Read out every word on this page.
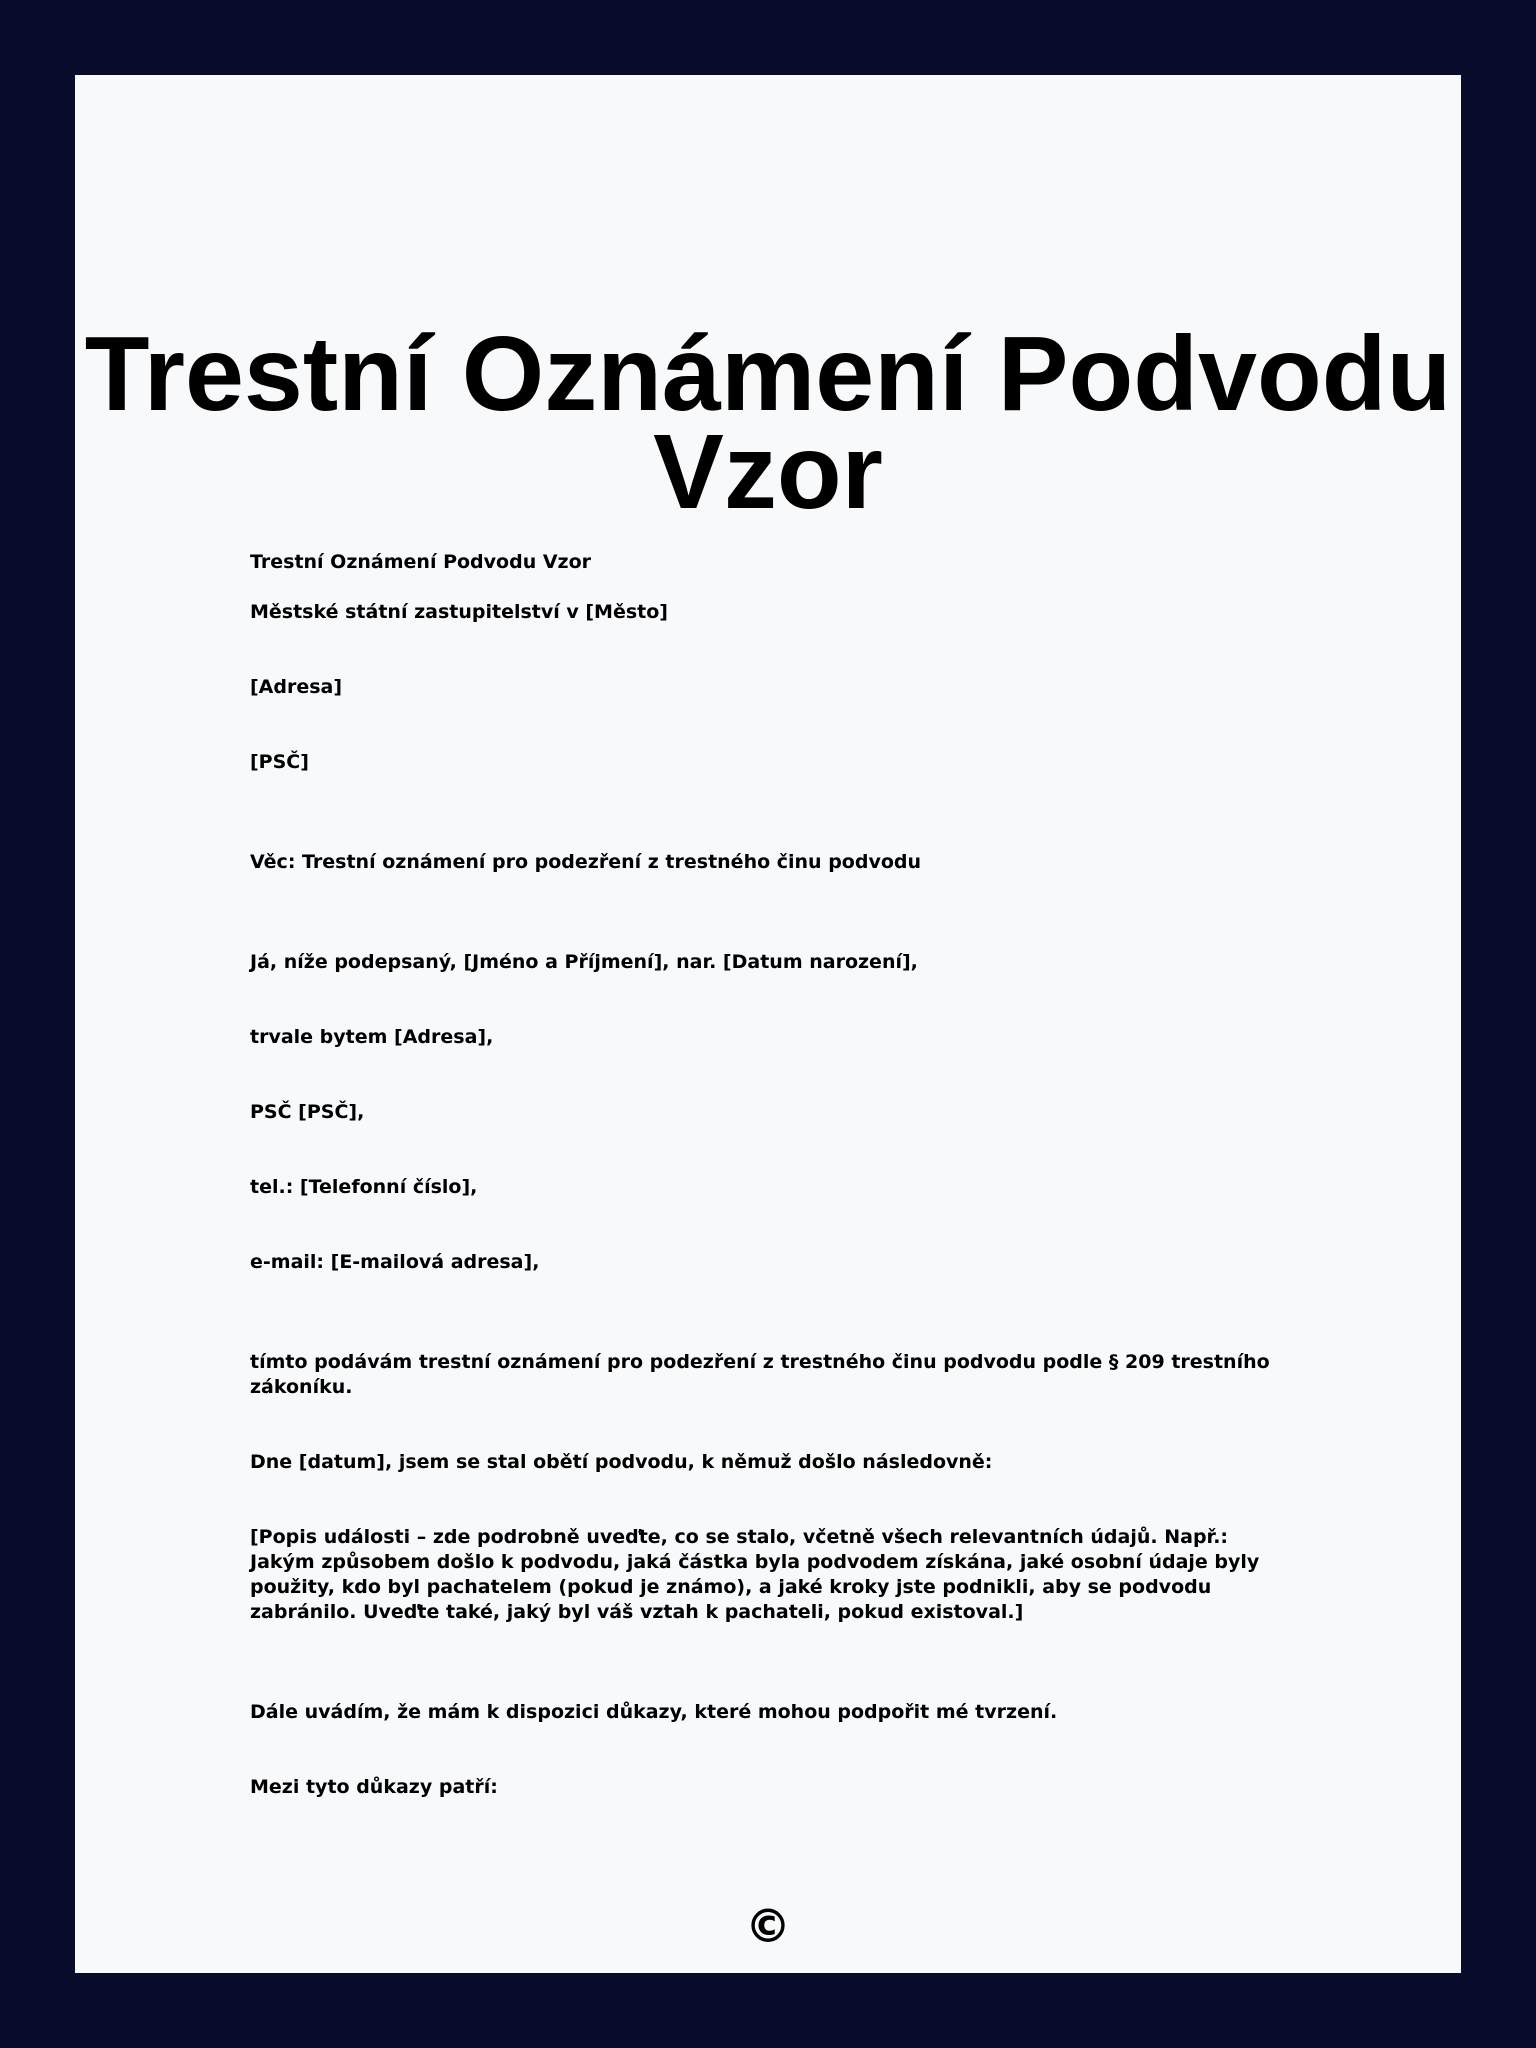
Trestní Oznámení Podvodu Vzor

Trestní Oznámení Podvodu Vzor

Městské státní zastupitelství v [Město]

[Adresa]

[PSČ]

Věc: Trestní oznámení pro podezření z trestného činu podvodu

Já, níže podepsaný, [Jméno a Příjmení], nar. [Datum narození],

trvale bytem [Adresa],

PSČ [PSČ],

tel.: [Telefonní číslo],

e-mail: [E-mailová adresa],

tímto podávám trestní oznámení pro podezření z trestného činu podvodu podle § 209 trestního zákoníku.

Dne [datum], jsem se stal obětí podvodu, k němuž došlo následovně:

[Popis události – zde podrobně uveďte, co se stalo, včetně všech relevantních údajů. Např.: Jakým způsobem došlo k podvodu, jaká částka byla podvodem získána, jaké osobní údaje byly použity, kdo byl pachatelem (pokud je známo), a jaké kroky jste podnikli, aby se podvodu zabránilo. Uveďte také, jaký byl váš vztah k pachateli, pokud existoval.]

Dále uvádím, že mám k dispozici důkazy, které mohou podpořit mé tvrzení.

Mezi tyto důkazy patří:

©
